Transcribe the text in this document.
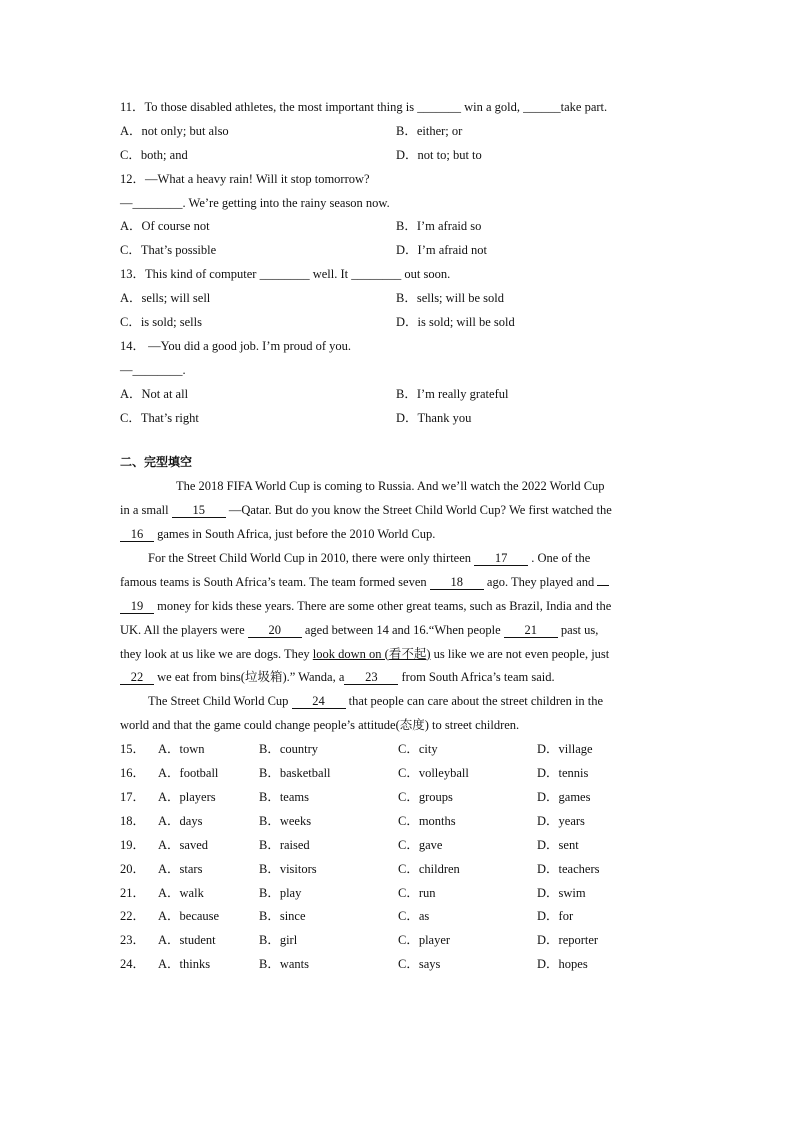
11．To those disabled athletes, the most important thing is _______ win a gold, ______take part.
A．not only; but also	B．either; or
C．both; and	D．not to; but to
12．—What a heavy rain! Will it stop tomorrow?
—________. We’re getting into the rainy season now.
A．Of course not	B．I’m afraid so
C．That’s possible	D．I’m afraid not
13．This kind of computer ________ well. It ________ out soon.
A．sells; will sell	B．sells; will be sold
C．is sold; sells	D．is sold; will be sold
14． —You did a good job. I’m proud of you.
—________.
A．Not at all	B．I’m really grateful
C．That’s right	D．Thank you
二、完型填空
The 2018 FIFA World Cup is coming to Russia. And we’ll watch the 2022 World Cup
in a small 15 —Qatar. But do you know the Street Child World Cup? We first watched the
16 games in South Africa, just before the 2010 World Cup.
For the Street Child World Cup in 2010, there were only thirteen 17 . One of the
famous teams is South Africa’s team. The team formed seven 18 ago. They played and
19 money for kids these years. There are some other great teams, such as Brazil, India and the
UK. All the players were 20 aged between 14 and 16.“When people 21 past us,
they look at us like we are dogs. They look down on (看不起) us like we are not even people, just
22 we eat from bins(垃圾箱).” Wanda, a 23 from South Africa’s team said.
The Street Child World Cup 24 that people can care about the street children in the
world and that the game could change people’s attitude(态度) to street children.
15．	A．town	B．country	C．city	D．village
16．	A．football	B．basketball	C．volleyball	D．tennis
17．	A．players	B．teams	C．groups	D．games
18．	A．days	B．weeks	C．months	D．years
19．	A．saved	B．raised	C．gave	D．sent
20．	A．stars	B．visitors	C．children	D．teachers
21．	A．walk	B．play	C．run	D．swim
22．	A．because	B．since	C．as	D．for
23．	A．student	B．girl	C．player	D．reporter
24．	A．thinks	B．wants	C．says	D．hopes
